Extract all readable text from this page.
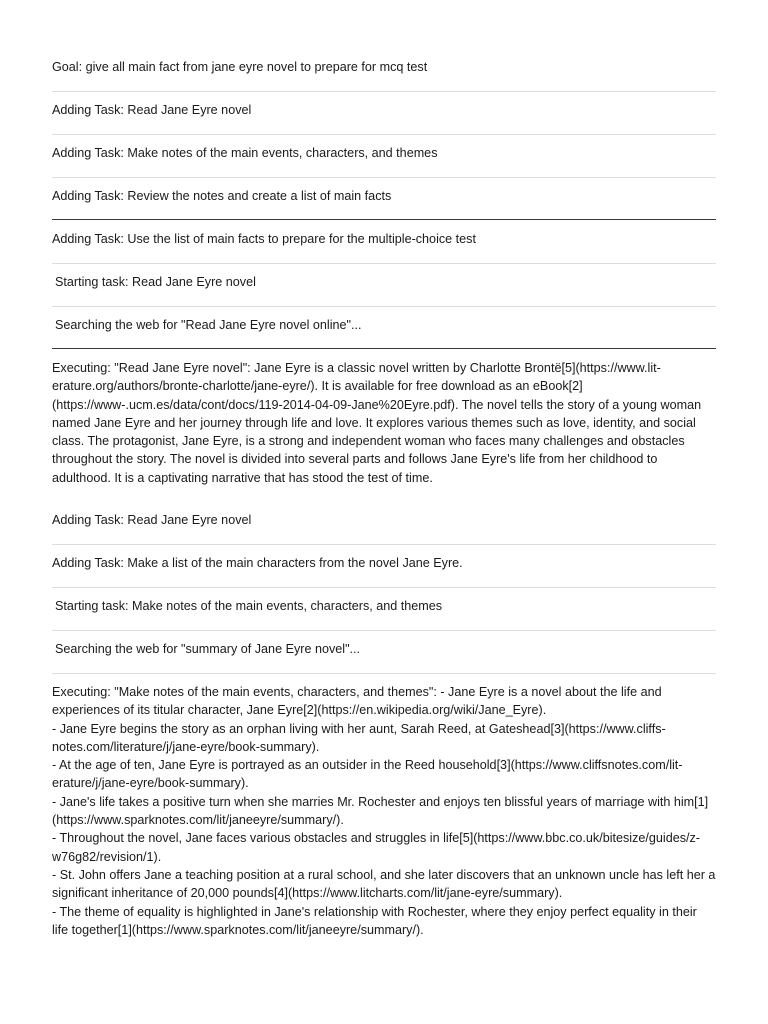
Goal: give all main fact from jane eyre novel to prepare for mcq test
Adding Task: Read Jane Eyre novel
Adding Task: Make notes of the main events, characters, and themes
Adding Task: Review the notes and create a list of main facts
Adding Task: Use the list of main facts to prepare for the multiple-choice test
Starting task: Read Jane Eyre novel
Searching the web for "Read Jane Eyre novel online"...
Executing: "Read Jane Eyre novel": Jane Eyre is a classic novel written by Charlotte Brontë[5](https://www.lit-erature.org/authors/bronte-charlotte/jane-eyre/). It is available for free download as an eBook[2](https://www-.ucm.es/data/cont/docs/119-2014-04-09-Jane%20Eyre.pdf). The novel tells the story of a young woman named Jane Eyre and her journey through life and love. It explores various themes such as love, identity, and social class. The protagonist, Jane Eyre, is a strong and independent woman who faces many challenges and obstacles throughout the story. The novel is divided into several parts and follows Jane Eyre's life from her childhood to adulthood. It is a captivating narrative that has stood the test of time.
Adding Task: Read Jane Eyre novel
Adding Task: Make a list of the main characters from the novel Jane Eyre.
Starting task: Make notes of the main events, characters, and themes
Searching the web for "summary of Jane Eyre novel"...
Executing: "Make notes of the main events, characters, and themes": - Jane Eyre is a novel about the life and experiences of its titular character, Jane Eyre[2](https://en.wikipedia.org/wiki/Jane_Eyre).
- Jane Eyre begins the story as an orphan living with her aunt, Sarah Reed, at Gateshead[3](https://www.cliffs-notes.com/literature/j/jane-eyre/book-summary).
- At the age of ten, Jane Eyre is portrayed as an outsider in the Reed household[3](https://www.cliffsnotes.com/lit-erature/j/jane-eyre/book-summary).
- Jane's life takes a positive turn when she marries Mr. Rochester and enjoys ten blissful years of marriage with him[1](https://www.sparknotes.com/lit/janeeyre/summary/).
- Throughout the novel, Jane faces various obstacles and struggles in life[5](https://www.bbc.co.uk/bitesize/guides/z-w76g82/revision/1).
- St. John offers Jane a teaching position at a rural school, and she later discovers that an unknown uncle has left her a significant inheritance of 20,000 pounds[4](https://www.litcharts.com/lit/jane-eyre/summary).
- The theme of equality is highlighted in Jane's relationship with Rochester, where they enjoy perfect equality in their life together[1](https://www.sparknotes.com/lit/janeeyre/summary/).
